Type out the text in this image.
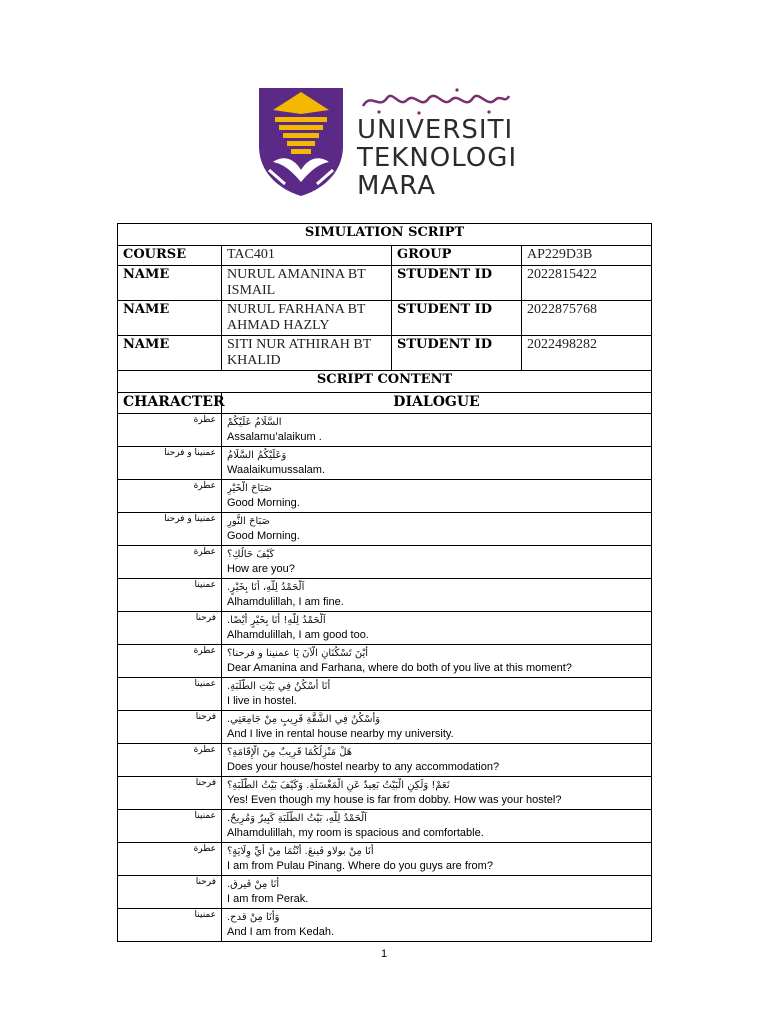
UNIVERSITI
TEKNOLOGI
MARA
SIMULATION SCRIPT			
COURSE	TAC401	GROUP	AP229D3B
NAME	NURUL AMANINA BT ISMAIL	STUDENT ID	2022815422
NAME	NURUL FARHANA BT AHMAD HAZLY	STUDENT ID	2022875768
NAME	SITI NUR ATHIRAH BT KHALID	STUDENT ID	2022498282
SCRIPT CONTENT			
CHARACTER	DIALOGUE		
عطرة	السَّلَامُ عَلَيْكُمْ
Assalamu’alaikum .		

عمنينا و فرحنا	وَعَلَيْكُمُ السَّلَامُ
Waalaikumussalam.		

عطرة	صَبَاحَ الْخَيْرِ
Good Morning.		

عمنينا و فرحنا	صَبَاحَ النُّورِ
Good Morning.		

عطرة	كَيْفَ حَالُكِ؟
How are you?		

عمنينا	اَلْحَمْدُ لِلَّهِ، أَنَا بِخَيْرٍ.
Alhamdulillah, I am fine.		

فرحنا	اَلْحَمْدُ لِلَّهِ! أَنَا بِخَيْرٍ أَيْضًا.
Alhamdulillah, I am good too.		

عطرة	أَيْنَ تَسْكُنَانِ الْآنَ يَا عمنينا و فرحنا؟
Dear Amanina and Farhana, where do both of you live at this moment?		

عمنينا	أَنَا أَسْكُنُ فِي بَيْتِ الطَّلَبَةِ.
I live in hostel.		

فرحنا	وَأَسْكُنُ فِي الشُّقَّةِ قَرِيبٍ مِنْ جَامِعَتِي.
And I live in rental house nearby my university.		

عطرة	هَلْ مَنْزِلُكُمَا قَرِيبٌ مِنَ الْإِقَامَةِ؟
Does your house/hostel nearby to any accommodation?		

فرحنا	نَعَمْ! وَلَكِنِ الْبَيْتُ بَعِيدٌ عَنِ الْمَغْسَلَةِ. وَكَيْفَ بَيْتُ الطَّلَبَةِ؟
Yes! Even though my house is far from dobby. How was your hostel?		

عمنينا	اَلْحَمْدُ لِلَّهِ، بَيْتُ الطَّلَبَةِ كَبِيرٌ وَمُرِيحٌ.
Alhamdulillah, my room is spacious and comfortable.		

عطرة	أَنَا مِنْ بولاو ڤينڠ. أَنْتُمَا مِنْ أَيِّ وِلَايَةٍ؟
I am from Pulau Pinang. Where do you guys are from?		

فرحنا	أَنَا مِنْ ڤيرق.
I am from Perak.		

عمنينا	وَأَنَا مِنْ قدح.
And I am from Kedah.		
1
